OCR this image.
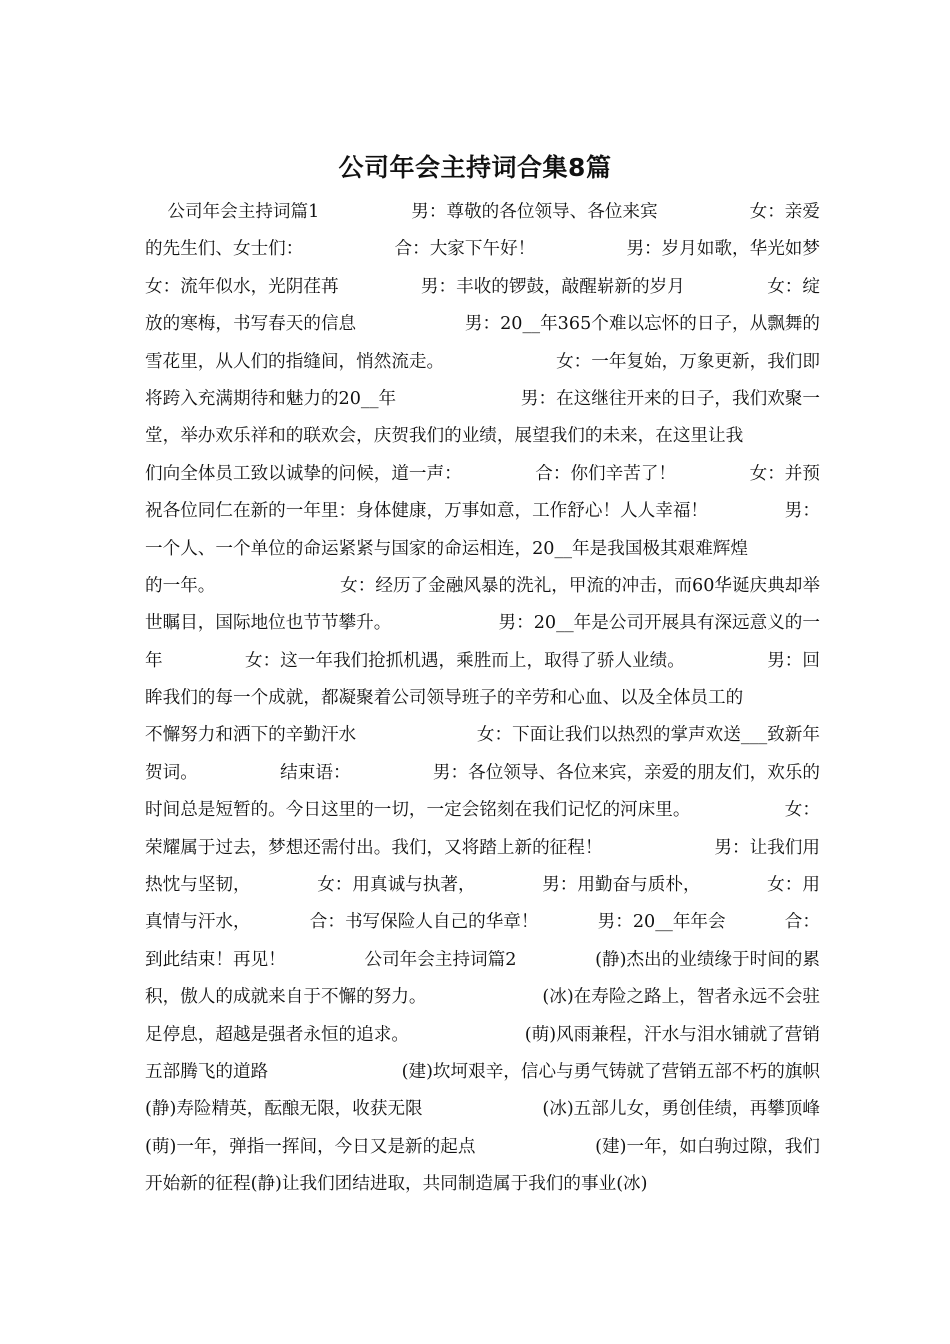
公司年会主持词合集8篇
公司年会主持词篇1	男：尊敬的各位领导、各位来宾	女：亲爱
的先生们、女士们：	合：大家下午好！	男：岁月如歌，华光如梦
女：流年似水，光阴荏苒	男：丰收的锣鼓，敲醒崭新的岁月	女：绽
放的寒梅，书写春天的信息	男：20__年365个难以忘怀的日子，从飘舞的
雪花里，从人们的指缝间，悄然流走。	女：一年复始，万象更新，我们即
将跨入充满期待和魅力的20__年	男：在这继往开来的日子，我们欢聚一
堂，举办欢乐祥和的联欢会，庆贺我们的业绩，展望我们的未来，在这里让我
们向全体员工致以诚挚的问候，道一声：	合：你们辛苦了！	女：并预
祝各位同仁在新的一年里：身体健康，万事如意，工作舒心！人人幸福！	男：
一个人、一个单位的命运紧紧与国家的命运相连，20__年是我国极其艰难辉煌
的一年。	女：经历了金融风暴的洗礼，甲流的冲击，而60华诞庆典却举
世瞩目，国际地位也节节攀升。	男：20__年是公司开展具有深远意义的一
年	女：这一年我们抢抓机遇，乘胜而上，取得了骄人业绩。	男：回
眸我们的每一个成就，都凝聚着公司领导班子的辛劳和心血、以及全体员工的
不懈努力和洒下的辛勤汗水	女：下面让我们以热烈的掌声欢送___致新年
贺词。	结束语：	男：各位领导、各位来宾，亲爱的朋友们，欢乐的
时间总是短暂的。今日这里的一切，一定会铭刻在我们记忆的河床里。	女：
荣耀属于过去，梦想还需付出。我们，又将踏上新的征程！	男：让我们用
热忱与坚韧，	女：用真诚与执著，	男：用勤奋与质朴，	女：用
真情与汗水，	合：书写保险人自己的华章！	男：20__年年会	合：
到此结束！再见！	公司年会主持词篇2	(静)杰出的业绩缘于时间的累
积，傲人的成就来自于不懈的努力。	(冰)在寿险之路上，智者永远不会驻
足停息，超越是强者永恒的追求。	(萌)风雨兼程，汗水与泪水铺就了营销
五部腾飞的道路	(建)坎坷艰辛，信心与勇气铸就了营销五部不朽的旗帜
(静)寿险精英，酝酿无限，收获无限	(冰)五部儿女，勇创佳绩，再攀顶峰
(萌)一年，弹指一挥间，今日又是新的起点	(建)一年，如白驹过隙，我们
开始新的征程 (静)让我们团结进取，共同制造属于我们的事业 (冰)
